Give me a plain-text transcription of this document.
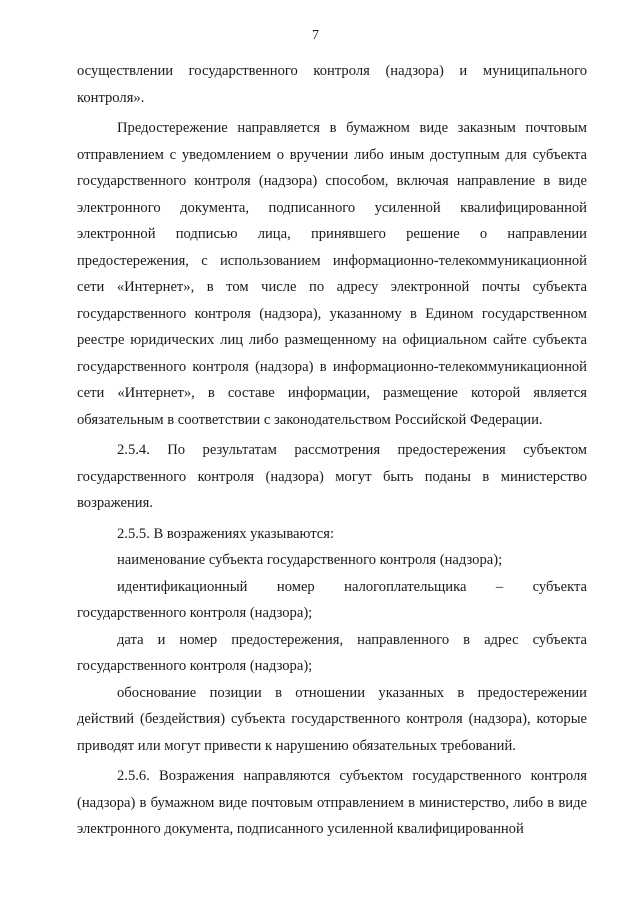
7

осуществлении государственного контроля (надзора) и муниципального контроля».

Предостережение направляется в бумажном виде заказным почтовым отправлением с уведомлением о вручении либо иным доступным для субъекта государственного контроля (надзора) способом, включая направление в виде электронного документа, подписанного усиленной квалифицированной электронной подписью лица, принявшего решение о направлении предостережения, с использованием информационно-телекоммуникационной сети «Интернет», в том числе по адресу электронной почты субъекта государственного контроля (надзора), указанному в Едином государственном реестре юридических лиц либо размещенному на официальном сайте субъекта государственного контроля (надзора) в информационно-телекоммуникационной сети «Интернет», в составе информации, размещение которой является обязательным в соответствии с законодательством Российской Федерации.

2.5.4. По результатам рассмотрения предостережения субъектом государственного контроля (надзора) могут быть поданы в министерство возражения.

2.5.5. В возражениях указываются:

наименование субъекта государственного контроля (надзора);

идентификационный номер налогоплательщика – субъекта государственного контроля (надзора);

дата и номер предостережения, направленного в адрес субъекта государственного контроля (надзора);

обоснование позиции в отношении указанных в предостережении действий (бездействия) субъекта государственного контроля (надзора), которые приводят или могут привести к нарушению обязательных требований.

2.5.6. Возражения направляются субъектом государственного контроля (надзора) в бумажном виде почтовым отправлением в министерство, либо в виде электронного документа, подписанного усиленной квалифицированной
